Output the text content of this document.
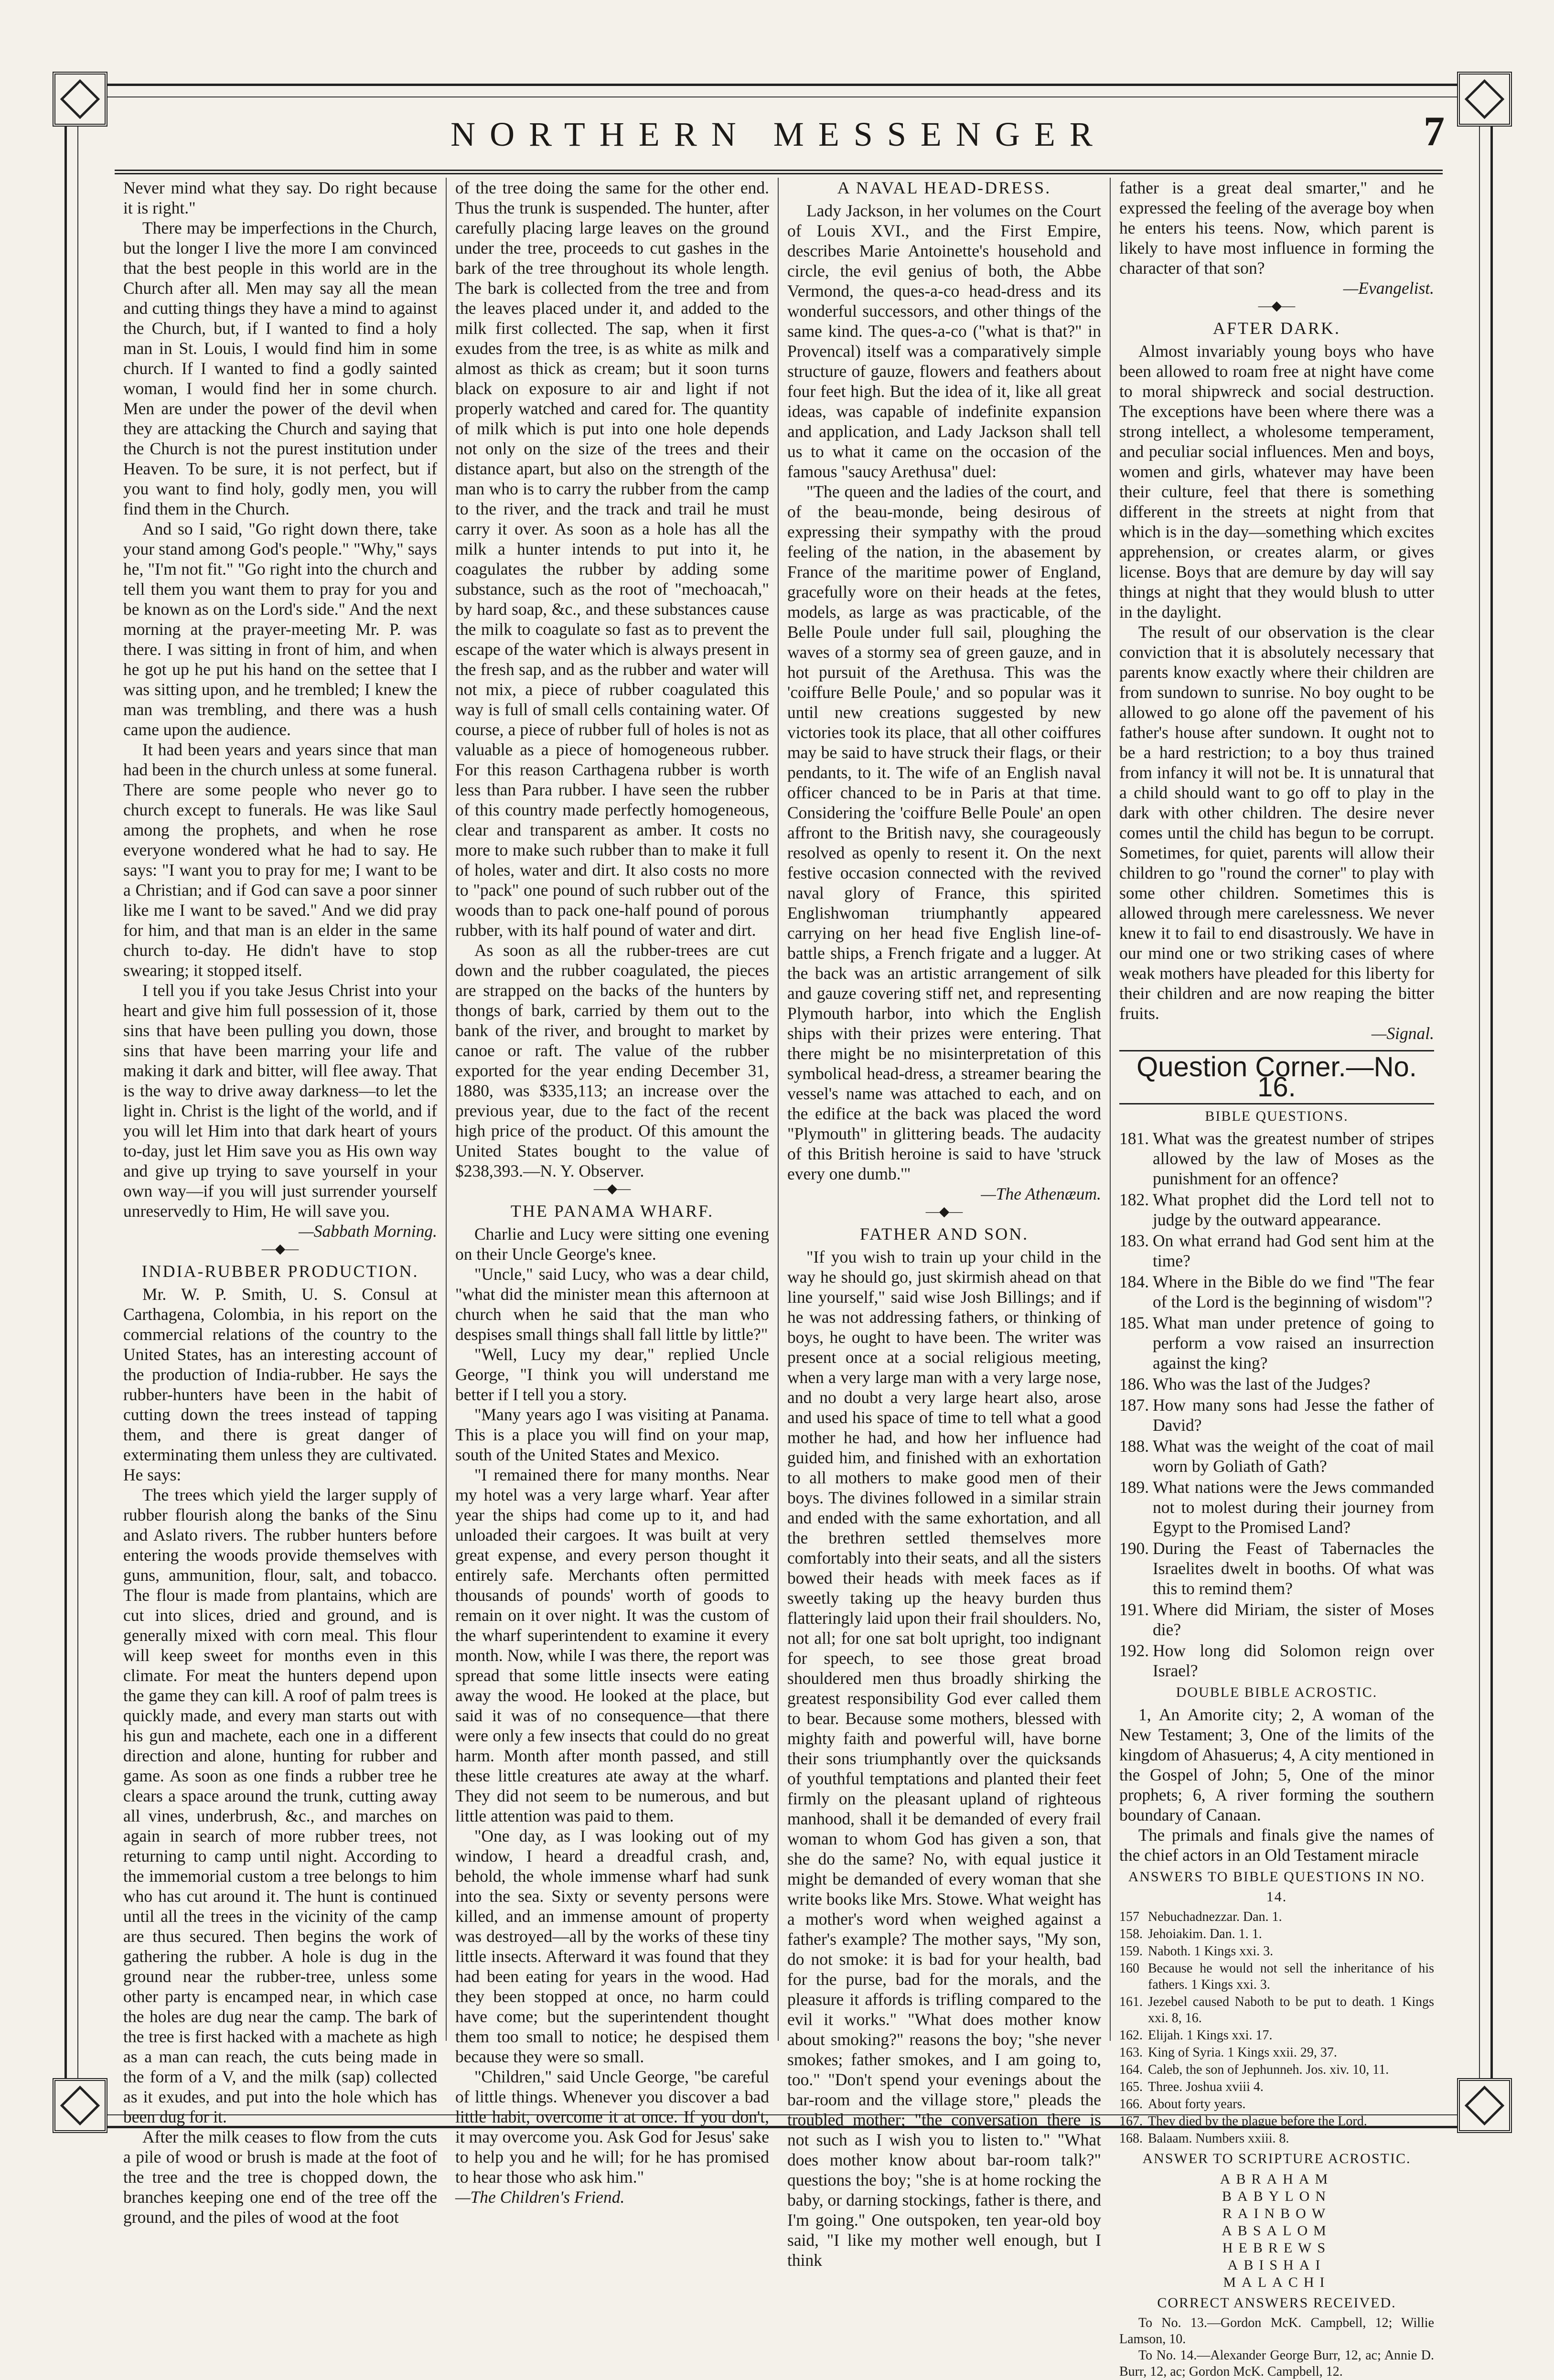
NORTHERN MESSENGER	7

Never mind what they say. Do right because it is right."

There may be imperfections in the Church, but the longer I live the more I am convinced that the best people in this world are in the Church after all. Men may say all the mean and cutting things they have a mind to against the Church, but, if I wanted to find a holy man in St. Louis, I would find him in some church. If I wanted to find a godly sainted woman, I would find her in some church. Men are under the power of the devil when they are attacking the Church and saying that the Church is not the purest institution under Heaven. To be sure, it is not perfect, but if you want to find holy, godly men, you will find them in the Church.

And so I said, "Go right down there, take your stand among God's people." "Why," says he, "I'm not fit." "Go right into the church and tell them you want them to pray for you and be known as on the Lord's side." And the next morning at the prayer-meeting Mr. P. was there. I was sitting in front of him, and when he got up he put his hand on the settee that I was sitting upon, and he trembled; I knew the man was trembling, and there was a hush came upon the audience.

It had been years and years since that man had been in the church unless at some funeral. There are some people who never go to church except to funerals. He was like Saul among the prophets, and when he rose everyone wondered what he had to say. He says: "I want you to pray for me; I want to be a Christian; and if God can save a poor sinner like me I want to be saved." And we did pray for him, and that man is an elder in the same church to-day. He didn't have to stop swearing; it stopped itself.

I tell you if you take Jesus Christ into your heart and give him full possession of it, those sins that have been pulling you down, those sins that have been marring your life and making it dark and bitter, will flee away. That is the way to drive away darkness—to let the light in. Christ is the light of the world, and if you will let Him into that dark heart of yours to-day, just let Him save you as His own way and give up trying to save yourself in your own way—if you will just surrender yourself unreservedly to Him, He will save you.

—Sabbath Morning.
—◆—
INDIA-RUBBER PRODUCTION.

Mr. W. P. Smith, U. S. Consul at Carthagena, Colombia, in his report on the commercial relations of the country to the United States, has an interesting account of the production of India-rubber. He says the rubber-hunters have been in the habit of cutting down the trees instead of tapping them, and there is great danger of exterminating them unless they are cultivated. He says:

The trees which yield the larger supply of rubber flourish along the banks of the Sinu and Aslato rivers. The rubber hunters before entering the woods provide themselves with guns, ammunition, flour, salt, and tobacco. The flour is made from plantains, which are cut into slices, dried and ground, and is generally mixed with corn meal. This flour will keep sweet for months even in this climate. For meat the hunters depend upon the game they can kill. A roof of palm trees is quickly made, and every man starts out with his gun and machete, each one in a different direction and alone, hunting for rubber and game. As soon as one finds a rubber tree he clears a space around the trunk, cutting away all vines, underbrush, &c., and marches on again in search of more rubber trees, not returning to camp until night. According to the immemorial custom a tree belongs to him who has cut around it. The hunt is continued until all the trees in the vicinity of the camp are thus secured. Then begins the work of gathering the rubber. A hole is dug in the ground near the rubber-tree, unless some other party is encamped near, in which case the holes are dug near the camp. The bark of the tree is first hacked with a machete as high as a man can reach, the cuts being made in the form of a V, and the milk (sap) collected as it exudes, and put into the hole which has been dug for it.

After the milk ceases to flow from the cuts a pile of wood or brush is made at the foot of the tree and the tree is chopped down, the branches keeping one end of the tree off the ground, and the piles of wood at the foot

of the tree doing the same for the other end. Thus the trunk is suspended. The hunter, after carefully placing large leaves on the ground under the tree, proceeds to cut gashes in the bark of the tree throughout its whole length. The bark is collected from the tree and from the leaves placed under it, and added to the milk first collected. The sap, when it first exudes from the tree, is as white as milk and almost as thick as cream; but it soon turns black on exposure to air and light if not properly watched and cared for. The quantity of milk which is put into one hole depends not only on the size of the trees and their distance apart, but also on the strength of the man who is to carry the rubber from the camp to the river, and the track and trail he must carry it over. As soon as a hole has all the milk a hunter intends to put into it, he coagulates the rubber by adding some substance, such as the root of "mechoacah," by hard soap, &c., and these substances cause the milk to coagulate so fast as to prevent the escape of the water which is always present in the fresh sap, and as the rubber and water will not mix, a piece of rubber coagulated this way is full of small cells containing water. Of course, a piece of rubber full of holes is not as valuable as a piece of homogeneous rubber. For this reason Carthagena rubber is worth less than Para rubber. I have seen the rubber of this country made perfectly homogeneous, clear and transparent as amber. It costs no more to make such rubber than to make it full of holes, water and dirt. It also costs no more to "pack" one pound of such rubber out of the woods than to pack one-half pound of porous rubber, with its half pound of water and dirt.

As soon as all the rubber-trees are cut down and the rubber coagulated, the pieces are strapped on the backs of the hunters by thongs of bark, carried by them out to the bank of the river, and brought to market by canoe or raft. The value of the rubber exported for the year ending December 31, 1880, was $335,113; an increase over the previous year, due to the fact of the recent high price of the product. Of this amount the United States bought to the value of $238,393.—N. Y. Observer.

—◆—
THE PANAMA WHARF.

Charlie and Lucy were sitting one evening on their Uncle George's knee.

"Uncle," said Lucy, who was a dear child, "what did the minister mean this afternoon at church when he said that the man who despises small things shall fall little by little?"

"Well, Lucy my dear," replied Uncle George, "I think you will understand me better if I tell you a story.

"Many years ago I was visiting at Panama. This is a place you will find on your map, south of the United States and Mexico.

"I remained there for many months. Near my hotel was a very large wharf. Year after year the ships had come up to it, and had unloaded their cargoes. It was built at very great expense, and every person thought it entirely safe. Merchants often permitted thousands of pounds' worth of goods to remain on it over night. It was the custom of the wharf superintendent to examine it every month. Now, while I was there, the report was spread that some little insects were eating away the wood. He looked at the place, but said it was of no consequence—that there were only a few insects that could do no great harm. Month after month passed, and still these little creatures ate away at the wharf. They did not seem to be numerous, and but little attention was paid to them.

"One day, as I was looking out of my window, I heard a dreadful crash, and, behold, the whole immense wharf had sunk into the sea. Sixty or seventy persons were killed, and an immense amount of property was destroyed—all by the works of these tiny little insects. Afterward it was found that they had been eating for years in the wood. Had they been stopped at once, no harm could have come; but the superintendent thought them too small to notice; he despised them because they were so small.

"Children," said Uncle George, "be careful of little things. Whenever you discover a bad little habit, overcome it at once. If you don't, it may overcome you. Ask God for Jesus' sake to help you and he will; for he has promised to hear those who ask him."

—The Children's Friend.
A NAVAL HEAD-DRESS.

Lady Jackson, in her volumes on the Court of Louis XVI., and the First Empire, describes Marie Antoinette's household and circle, the evil genius of both, the Abbe Vermond, the ques-a-co head-dress and its wonderful successors, and other things of the same kind. The ques-a-co ("what is that?" in Provencal) itself was a comparatively simple structure of gauze, flowers and feathers about four feet high. But the idea of it, like all great ideas, was capable of indefinite expansion and application, and Lady Jackson shall tell us to what it came on the occasion of the famous "saucy Arethusa" duel:

"The queen and the ladies of the court, and of the beau-monde, being desirous of expressing their sympathy with the proud feeling of the nation, in the abasement by France of the maritime power of England, gracefully wore on their heads at the fetes, models, as large as was practicable, of the Belle Poule under full sail, ploughing the waves of a stormy sea of green gauze, and in hot pursuit of the Arethusa. This was the 'coiffure Belle Poule,' and so popular was it until new creations suggested by new victories took its place, that all other coiffures may be said to have struck their flags, or their pendants, to it. The wife of an English naval officer chanced to be in Paris at that time. Considering the 'coiffure Belle Poule' an open affront to the British navy, she courageously resolved as openly to resent it. On the next festive occasion connected with the revived naval glory of France, this spirited Englishwoman triumphantly appeared carrying on her head five English line-of-battle ships, a French frigate and a lugger. At the back was an artistic arrangement of silk and gauze covering stiff net, and representing Plymouth harbor, into which the English ships with their prizes were entering. That there might be no misinterpretation of this symbolical head-dress, a streamer bearing the vessel's name was attached to each, and on the edifice at the back was placed the word "Plymouth" in glittering beads. The audacity of this British heroine is said to have 'struck every one dumb.'"

—The Athenæum.
—◆—
FATHER AND SON.

"If you wish to train up your child in the way he should go, just skirmish ahead on that line yourself," said wise Josh Billings; and if he was not addressing fathers, or thinking of boys, he ought to have been. The writer was present once at a social religious meeting, when a very large man with a very large nose, and no doubt a very large heart also, arose and used his space of time to tell what a good mother he had, and how her influence had guided him, and finished with an exhortation to all mothers to make good men of their boys. The divines followed in a similar strain and ended with the same exhortation, and all the brethren settled themselves more comfortably into their seats, and all the sisters bowed their heads with meek faces as if sweetly taking up the heavy burden thus flatteringly laid upon their frail shoulders. No, not all; for one sat bolt upright, too indignant for speech, to see those great broad shouldered men thus broadly shirking the greatest responsibility God ever called them to bear. Because some mothers, blessed with mighty faith and powerful will, have borne their sons triumphantly over the quicksands of youthful temptations and planted their feet firmly on the pleasant upland of righteous manhood, shall it be demanded of every frail woman to whom God has given a son, that she do the same? No, with equal justice it might be demanded of every woman that she write books like Mrs. Stowe. What weight has a mother's word when weighed against a father's example? The mother says, "My son, do not smoke: it is bad for your health, bad for the purse, bad for the morals, and the pleasure it affords is trifling compared to the evil it works." "What does mother know about smoking?" reasons the boy; "she never smokes; father smokes, and I am going to, too." "Don't spend your evenings about the bar-room and the village store," pleads the troubled mother; "the conversation there is not such as I wish you to listen to." "What does mother know about bar-room talk?" questions the boy; "she is at home rocking the baby, or darning stockings, father is there, and I'm going." One outspoken, ten year-old boy said, "I like my mother well enough, but I think

father is a great deal smarter," and he expressed the feeling of the average boy when he enters his teens. Now, which parent is likely to have most influence in forming the character of that son?

—Evangelist.
—◆—
AFTER DARK.

Almost invariably young boys who have been allowed to roam free at night have come to moral shipwreck and social destruction. The exceptions have been where there was a strong intellect, a wholesome temperament, and peculiar social influences. Men and boys, women and girls, whatever may have been their culture, feel that there is something different in the streets at night from that which is in the day—something which excites apprehension, or creates alarm, or gives license. Boys that are demure by day will say things at night that they would blush to utter in the daylight.

The result of our observation is the clear conviction that it is absolutely necessary that parents know exactly where their children are from sundown to sunrise. No boy ought to be allowed to go alone off the pavement of his father's house after sundown. It ought not to be a hard restriction; to a boy thus trained from infancy it will not be. It is unnatural that a child should want to go off to play in the dark with other children. The desire never comes until the child has begun to be corrupt. Sometimes, for quiet, parents will allow their children to go "round the corner" to play with some other children. Sometimes this is allowed through mere carelessness. We never knew it to fail to end disastrously. We have in our mind one or two striking cases of where weak mothers have pleaded for this liberty for their children and are now reaping the bitter fruits.

—Signal.
Question Corner.—No. 16.
BIBLE QUESTIONS.
181. What was the greatest number of stripes allowed by the law of Moses as the punishment for an offence?
182. What prophet did the Lord tell not to judge by the outward appearance.
183. On what errand had God sent him at the time?
184. Where in the Bible do we find "The fear of the Lord is the beginning of wisdom"?
185. What man under pretence of going to perform a vow raised an insurrection against the king?
186. Who was the last of the Judges?
187. How many sons had Jesse the father of David?
188. What was the weight of the coat of mail worn by Goliath of Gath?
189. What nations were the Jews commanded not to molest during their journey from Egypt to the Promised Land?
190. During the Feast of Tabernacles the Israelites dwelt in booths. Of what was this to remind them?
191. Where did Miriam, the sister of Moses die?
192. How long did Solomon reign over Israel?
DOUBLE BIBLE ACROSTIC.

1, An Amorite city; 2, A woman of the New Testament; 3, One of the limits of the kingdom of Ahasuerus; 4, A city mentioned in the Gospel of John; 5, One of the minor prophets; 6, A river forming the southern boundary of Canaan.

The primals and finals give the names of the chief actors in an Old Testament miracle

ANSWERS TO BIBLE QUESTIONS IN NO. 14.
157 Nebuchadnezzar. Dan. 1.
158. Jehoiakim. Dan. 1. 1.
159. Naboth. 1 Kings xxi. 3.
160 Because he would not sell the inheritance of his fathers. 1 Kings xxi. 3.
161. Jezebel caused Naboth to be put to death. 1 Kings xxi. 8, 16.
162. Elijah. 1 Kings xxi. 17.
163. King of Syria. 1 Kings xxii. 29, 37.
164. Caleb, the son of Jephunneh. Jos. xiv. 10, 11.
165. Three. Joshua xviii 4.
166. About forty years.
167. They died by the plague before the Lord.
168. Balaam. Numbers xxiii. 8.
ANSWER TO SCRIPTURE ACROSTIC.
ABRAHAM
BABYLON
RAINBOW
ABSALOM
HEBREWS
ABISHAI
MALACHI
CORRECT ANSWERS RECEIVED.

To No. 13.—Gordon McK. Campbell, 12; Willie Lamson, 10.

To No. 14.—Alexander George Burr, 12, ac; Annie D. Burr, 12, ac; Gordon McK. Campbell, 12.
